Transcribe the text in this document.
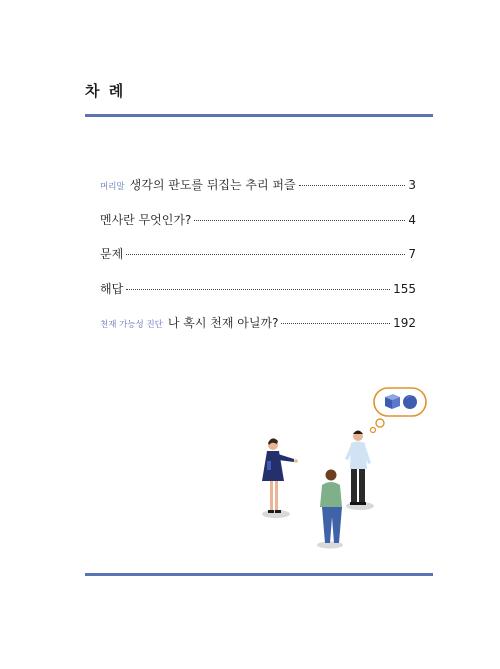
차 례
머리말 생각의 판도를 뒤집는 추리 퍼즐	3
멘사란 무엇인가?	4
문제	7
해답	155
천재 가능성 진단 나 혹시 천재 아닐까?	192
